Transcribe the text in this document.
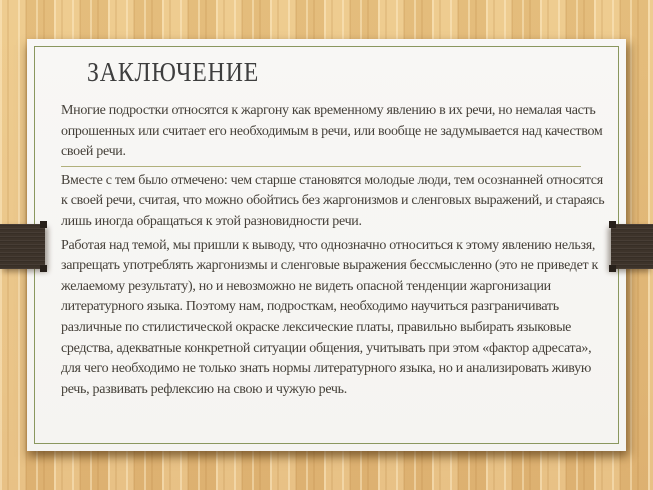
ЗАКЛЮЧЕНИЕ

Многие подростки относятся к жаргону как временному явлению в их речи, но немалая часть опрошенных или считает его необходимым в речи, или вообще не задумывается над качеством своей речи.

Вместе с тем было отмечено: чем старше становятся молодые люди, тем осознанней относятся к своей речи, считая, что можно обойтись без жаргонизмов и сленговых выражений, и стараясь лишь иногда обращаться к этой разновидности речи.

Работая над темой, мы пришли к выводу, что однозначно относиться к этому явлению нельзя, запрещать употреблять жаргонизмы и сленговые выражения бессмысленно (это не приведет к желаемому результату), но и невозможно не видеть опасной тенденции жаргонизации литературного языка. Поэтому нам, подросткам, необходимо научиться разграничивать различные по стилистической окраске лексические платы, правильно выбирать языковые средства, адекватные конкретной ситуации общения, учитывать при этом «фактор адресата», для чего необходимо не только знать нормы литературного языка, но и анализировать живую речь, развивать рефлексию на свою и чужую речь.
